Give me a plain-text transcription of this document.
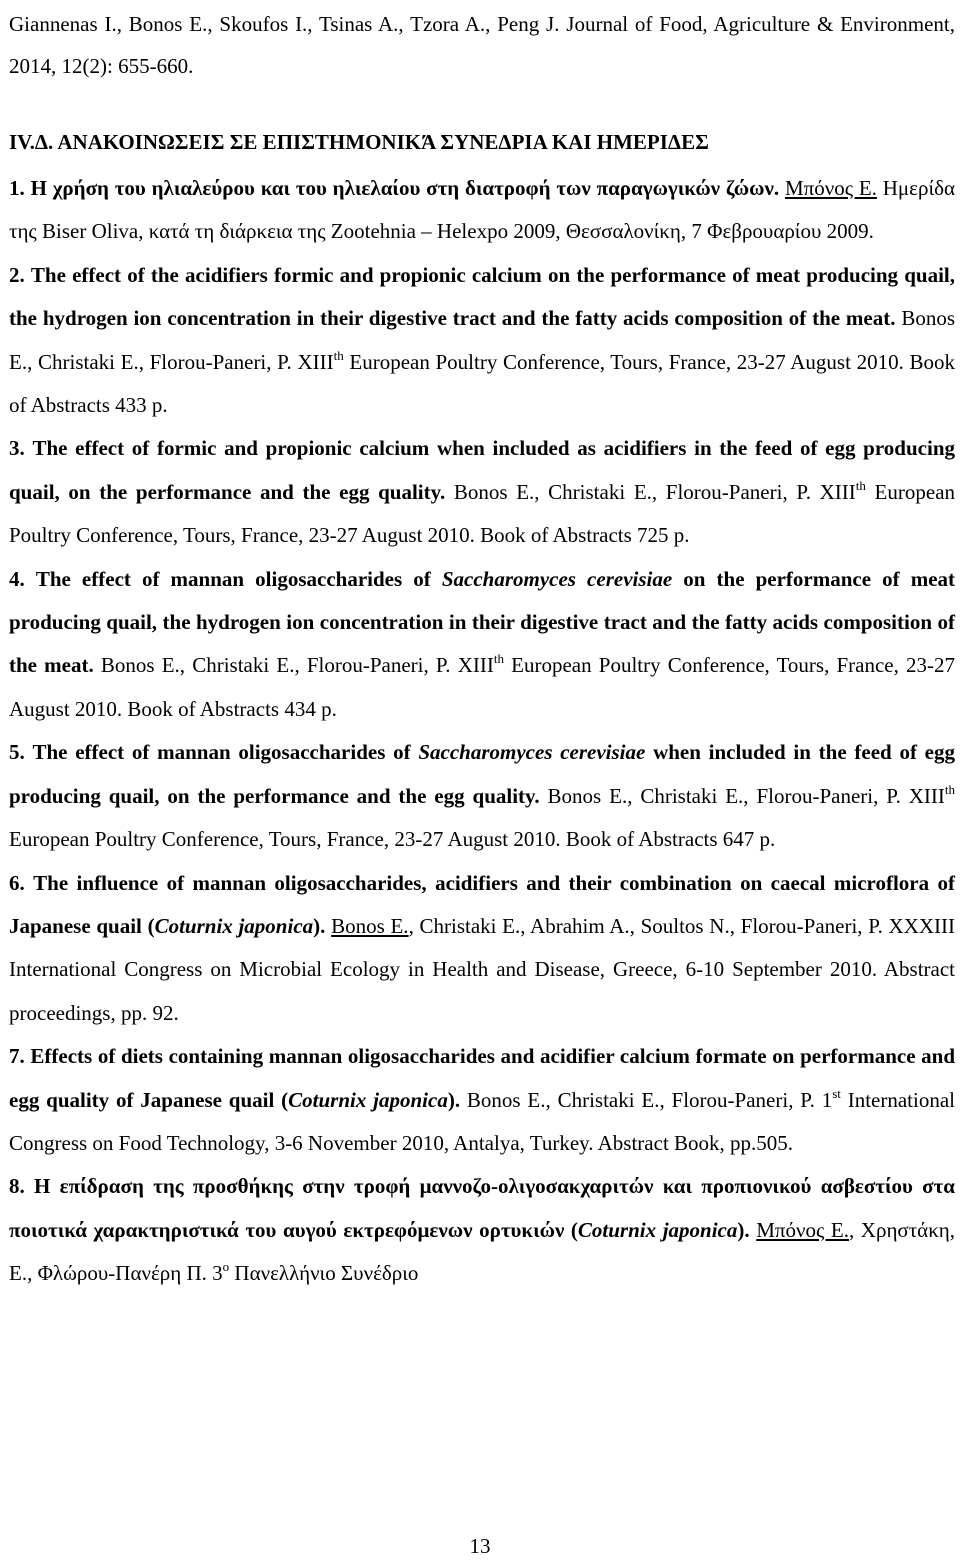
Giannenas I., Bonos E., Skoufos I., Tsinas A., Tzora A., Peng J. Journal of Food, Agriculture & Environment, 2014, 12(2): 655-660.
IV.Δ. ΑΝΑΚΟΙΝΩΣΕΙΣ ΣΕ ΕΠΙΣΤΗΜΟΝΙΚΆ ΣΥΝΕΔΡΙΑ ΚΑΙ ΗΜΕΡΙΔΕΣ

1. Η χρήση του ηλιαλεύρου και του ηλιελαίου στη διατροφή των παραγωγικών ζώων. Μπόνος Ε. Ημερίδα της Biser Oliva, κατά τη διάρκεια της Zootehnia – Helexpo 2009, Θεσσαλονίκη, 7 Φεβρουαρίου 2009.

2. The effect of the acidifiers formic and propionic calcium on the performance of meat producing quail, the hydrogen ion concentration in their digestive tract and the fatty acids composition of the meat. Bonos E., Christaki E., Florou-Paneri, P. XIIIth European Poultry Conference, Tours, France, 23-27 August 2010. Book of Abstracts 433 p.

3. The effect of formic and propionic calcium when included as acidifiers in the feed of egg producing quail, on the performance and the egg quality. Bonos E., Christaki E., Florou-Paneri, P. XIIIth European Poultry Conference, Tours, France, 23-27 August 2010. Book of Abstracts 725 p.

4. The effect of mannan oligosaccharides of Saccharomyces cerevisiae on the performance of meat producing quail, the hydrogen ion concentration in their digestive tract and the fatty acids composition of the meat. Bonos E., Christaki E., Florou-Paneri, P. XIIIth European Poultry Conference, Tours, France, 23-27 August 2010. Book of Abstracts 434 p.

5. The effect of mannan oligosaccharides of Saccharomyces cerevisiae when included in the feed of egg producing quail, on the performance and the egg quality. Bonos E., Christaki E., Florou-Paneri, P. XIIIth European Poultry Conference, Tours, France, 23-27 August 2010. Book of Abstracts 647 p.

6. The influence of mannan oligosaccharides, acidifiers and their combination on caecal microflora of Japanese quail (Coturnix japonica). Bonos E., Christaki E., Abrahim A., Soultos N., Florou-Paneri, P. XXXIII International Congress on Microbial Ecology in Health and Disease, Greece, 6-10 September 2010. Abstract proceedings, pp. 92.

7. Effects of diets containing mannan oligosaccharides and acidifier calcium formate on performance and egg quality of Japanese quail (Coturnix japonica). Bonos E., Christaki E., Florou-Paneri, P. 1st International Congress on Food Technology, 3-6 November 2010, Antalya, Turkey. Abstract Book, pp.505.

8. Η επίδραση της προσθήκης στην τροφή μαννοζο-ολιγοσακχαριτών και προπιονικού ασβεστίου στα ποιοτικά χαρακτηριστικά του αυγού εκτρεφόμενων ορτυκιών (Coturnix japonica). Μπόνος Ε., Χρηστάκη, Ε., Φλώρου-Πανέρη Π. $3^o$ Πανελλήνιο Συνέδριο

13
